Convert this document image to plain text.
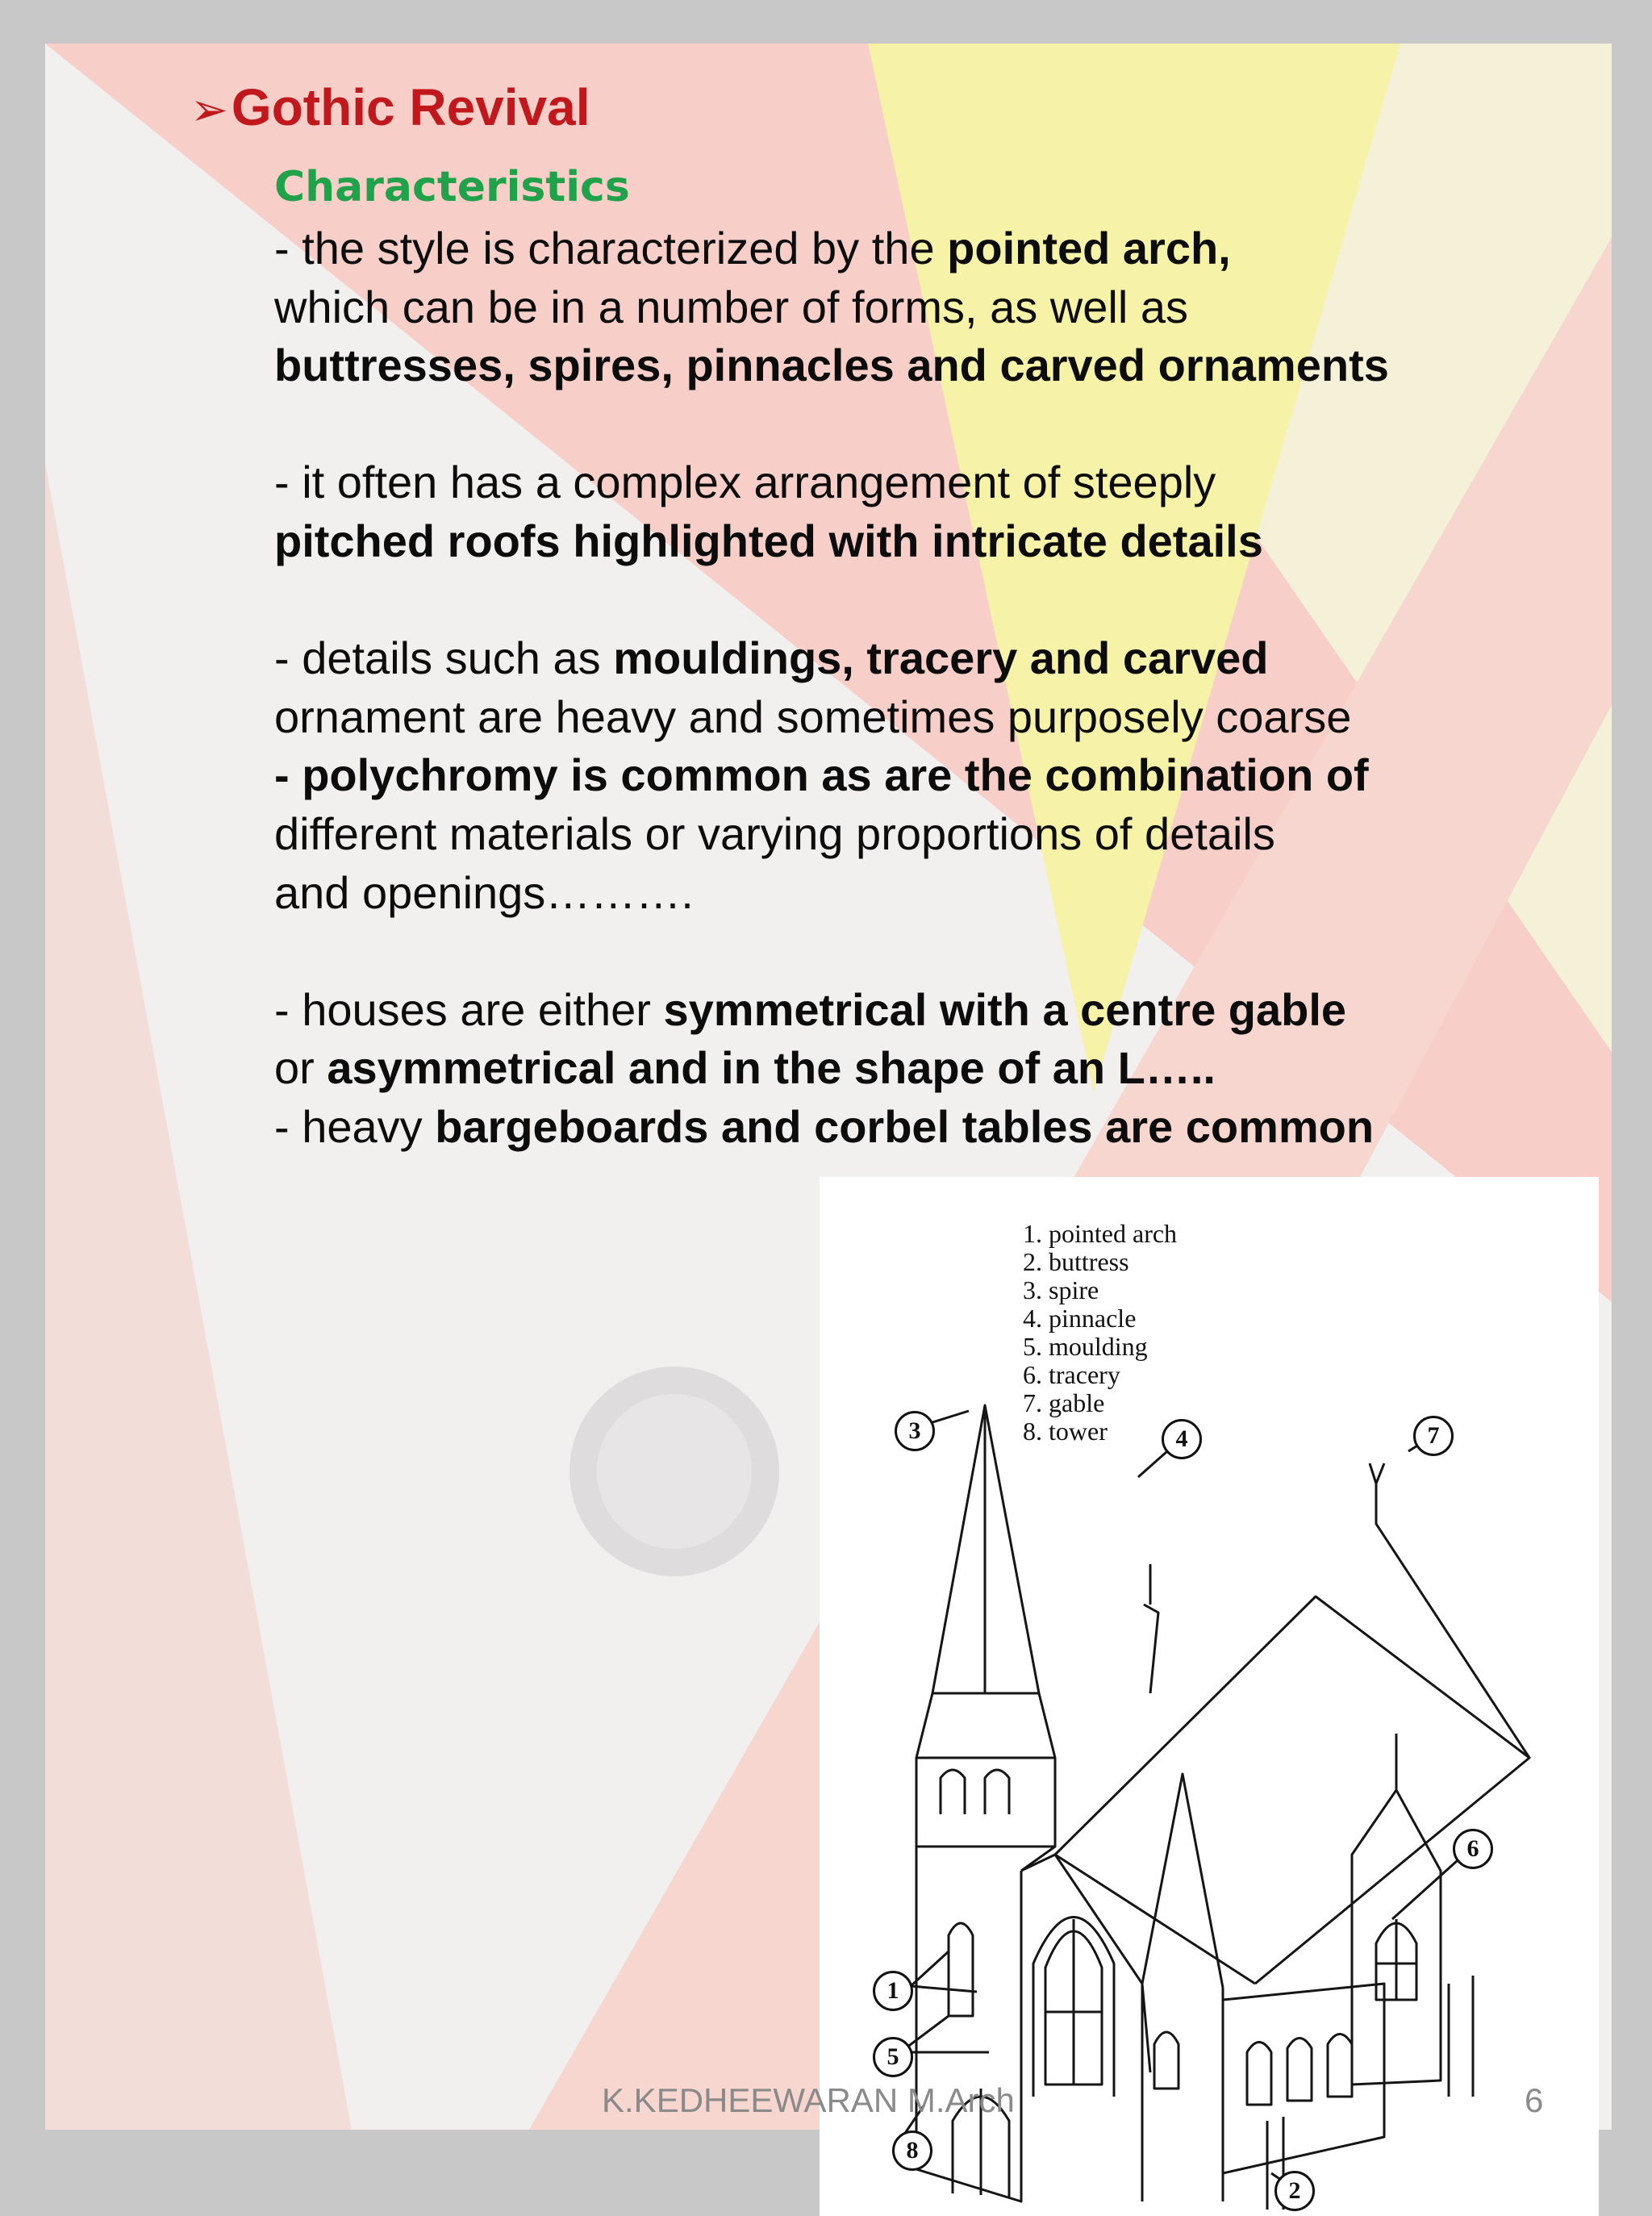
➢Gothic Revival
Characteristics
- the style is characterized by the pointed arch,
which can be in a number of forms, as well as
buttresses, spires, pinnacles and carved ornaments
- it often has a complex arrangement of steeply
pitched roofs highlighted with intricate details
- details such as mouldings, tracery and carved
ornament are heavy and sometimes purposely coarse
- polychromy is common as are the combination of
different materials or varying proportions of details
and openings……….
- houses are either symmetrical with a centre gable
or asymmetrical and in the shape of an L…..
- heavy bargeboards and corbel tables are common
1. pointed arch
2. buttress
3. spire
4. pinnacle
5. moulding
6. tracery
7. gable
8. tower
1
2
3	4
5
6
7
8
K.KEDHEEWARAN M.Arch	6
